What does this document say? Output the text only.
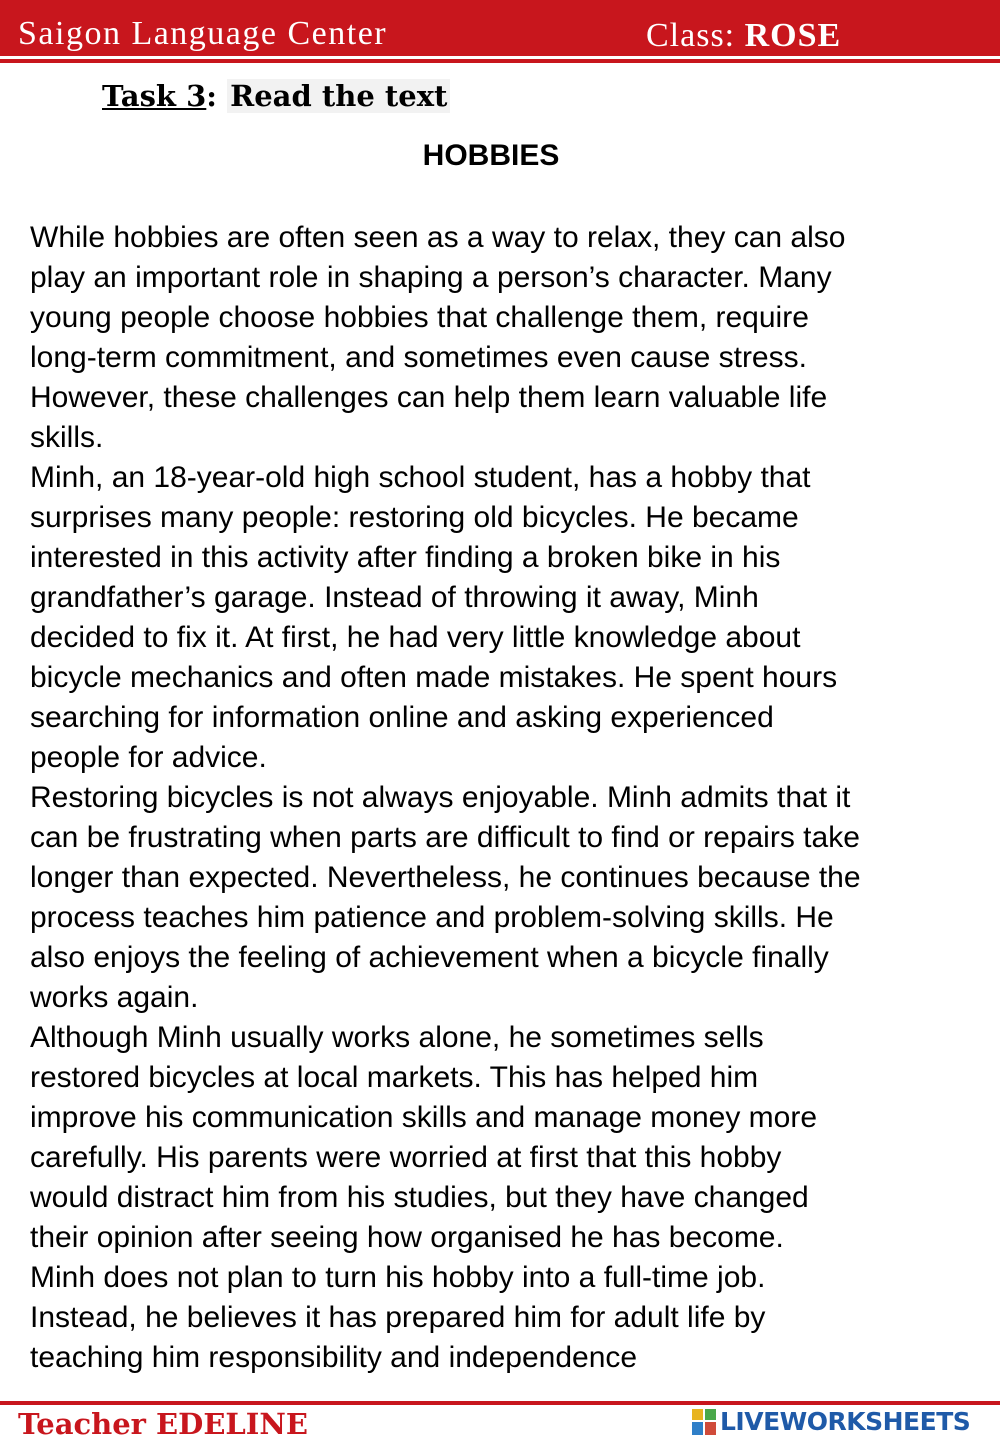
Saigon Language Center	Class: ROSE
Task 3: Read the text
HOBBIES
While hobbies are often seen as a way to relax, they can also
play an important role in shaping a person’s character. Many
young people choose hobbies that challenge them, require
long-term commitment, and sometimes even cause stress.
However, these challenges can help them learn valuable life
skills.
Minh, an 18-year-old high school student, has a hobby that
surprises many people: restoring old bicycles. He became
interested in this activity after finding a broken bike in his
grandfather’s garage. Instead of throwing it away, Minh
decided to fix it. At first, he had very little knowledge about
bicycle mechanics and often made mistakes. He spent hours
searching for information online and asking experienced
people for advice.
Restoring bicycles is not always enjoyable. Minh admits that it
can be frustrating when parts are difficult to find or repairs take
longer than expected. Nevertheless, he continues because the
process teaches him patience and problem-solving skills. He
also enjoys the feeling of achievement when a bicycle finally
works again.
Although Minh usually works alone, he sometimes sells
restored bicycles at local markets. This has helped him
improve his communication skills and manage money more
carefully. His parents were worried at first that this hobby
would distract him from his studies, but they have changed
their opinion after seeing how organised he has become.
Minh does not plan to turn his hobby into a full-time job.
Instead, he believes it has prepared him for adult life by
teaching him responsibility and independence
Teacher EDELINE	LIVEWORKSHEETS
